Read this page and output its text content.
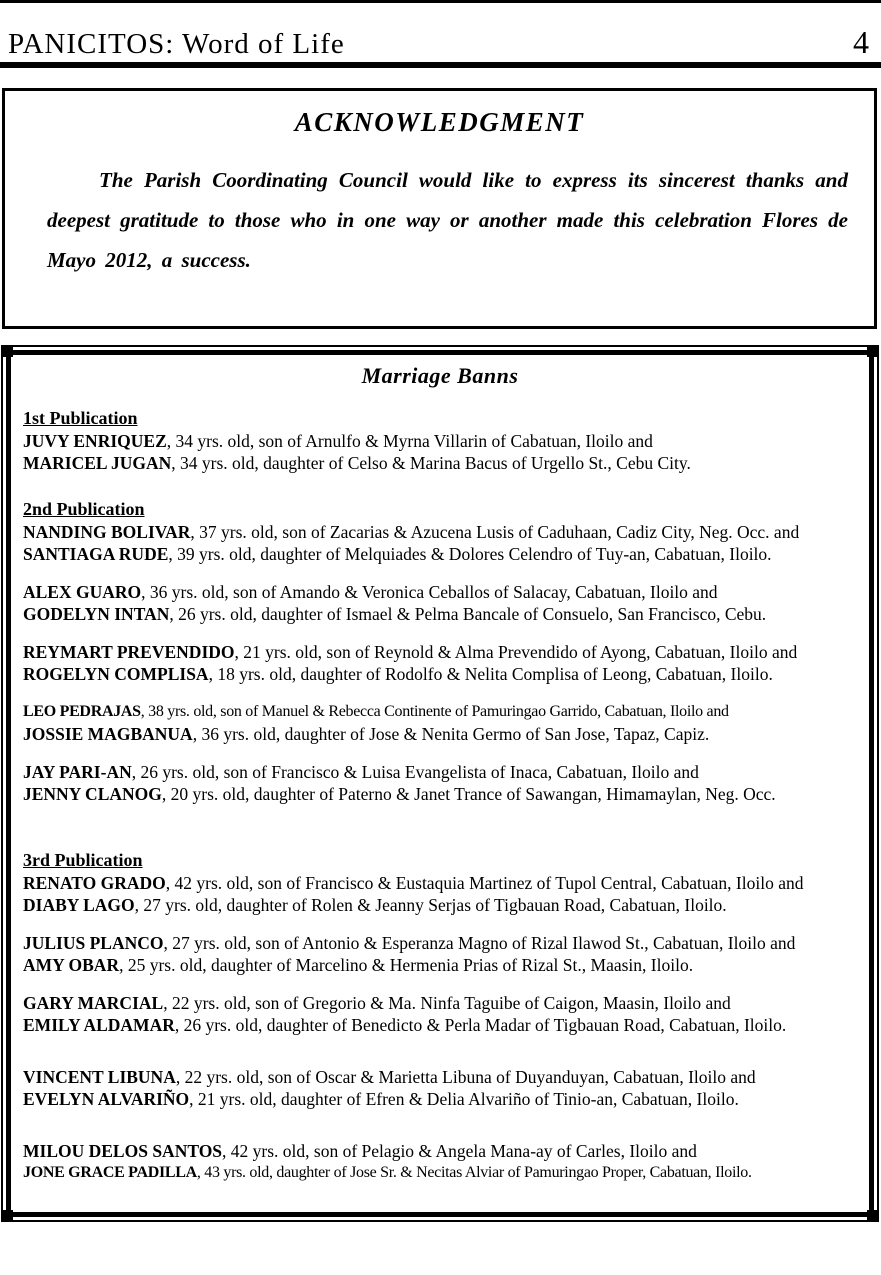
PANICITOS: Word of Life	4
ACKNOWLEDGMENT

The Parish Coordinating Council would like to express its sincerest thanks and deepest gratitude to those who in one way or another made this celebration Flores de Mayo 2012, a success.

Marriage Banns
1st Publication

JUVY ENRIQUEZ, 34 yrs. old, son of Arnulfo & Myrna Villarin of Cabatuan, Iloilo and
MARICEL JUGAN, 34 yrs. old, daughter of Celso & Marina Bacus of Urgello St., Cebu City.

2nd Publication

NANDING BOLIVAR, 37 yrs. old, son of Zacarias & Azucena Lusis of Caduhaan, Cadiz City, Neg. Occ. and
SANTIAGA RUDE, 39 yrs. old, daughter of Melquiades & Dolores Celendro of Tuy-an, Cabatuan, Iloilo.

ALEX GUARO, 36 yrs. old, son of Amando & Veronica Ceballos of Salacay, Cabatuan, Iloilo and
GODELYN INTAN, 26 yrs. old, daughter of Ismael & Pelma Bancale of Consuelo, San Francisco, Cebu.

REYMART PREVENDIDO, 21 yrs. old, son of Reynold & Alma Prevendido of Ayong, Cabatuan, Iloilo and
ROGELYN COMPLISA, 18 yrs. old, daughter of Rodolfo & Nelita Complisa of Leong, Cabatuan, Iloilo.

LEO PEDRAJAS, 38 yrs. old, son of Manuel & Rebecca Continente of Pamuringao Garrido, Cabatuan, Iloilo and
JOSSIE MAGBANUA, 36 yrs. old, daughter of Jose & Nenita Germo of San Jose, Tapaz, Capiz.

JAY PARI-AN, 26 yrs. old, son of Francisco & Luisa Evangelista of Inaca, Cabatuan, Iloilo and
JENNY CLANOG, 20 yrs. old, daughter of Paterno & Janet Trance of Sawangan, Himamaylan, Neg. Occ.

3rd Publication

RENATO GRADO, 42 yrs. old, son of Francisco & Eustaquia Martinez of Tupol Central, Cabatuan, Iloilo and
DIABY LAGO, 27 yrs. old, daughter of Rolen & Jeanny Serjas of Tigbauan Road, Cabatuan, Iloilo.

JULIUS PLANCO, 27 yrs. old, son of Antonio & Esperanza Magno of Rizal Ilawod St., Cabatuan, Iloilo and
AMY OBAR, 25 yrs. old, daughter of Marcelino & Hermenia Prias of Rizal St., Maasin, Iloilo.

GARY MARCIAL, 22 yrs. old, son of Gregorio & Ma. Ninfa Taguibe of Caigon, Maasin, Iloilo and
EMILY ALDAMAR, 26 yrs. old, daughter of Benedicto & Perla Madar of Tigbauan Road, Cabatuan, Iloilo.

VINCENT LIBUNA, 22 yrs. old, son of Oscar & Marietta Libuna of Duyanduyan, Cabatuan, Iloilo and
EVELYN ALVARIÑO, 21 yrs. old, daughter of Efren & Delia Alvariño of Tinio-an, Cabatuan, Iloilo.

MILOU DELOS SANTOS, 42 yrs. old, son of Pelagio & Angela Mana-ay of Carles, Iloilo and
JONE GRACE PADILLA, 43 yrs. old, daughter of Jose Sr. & Necitas Alviar of Pamuringao Proper, Cabatuan, Iloilo.
